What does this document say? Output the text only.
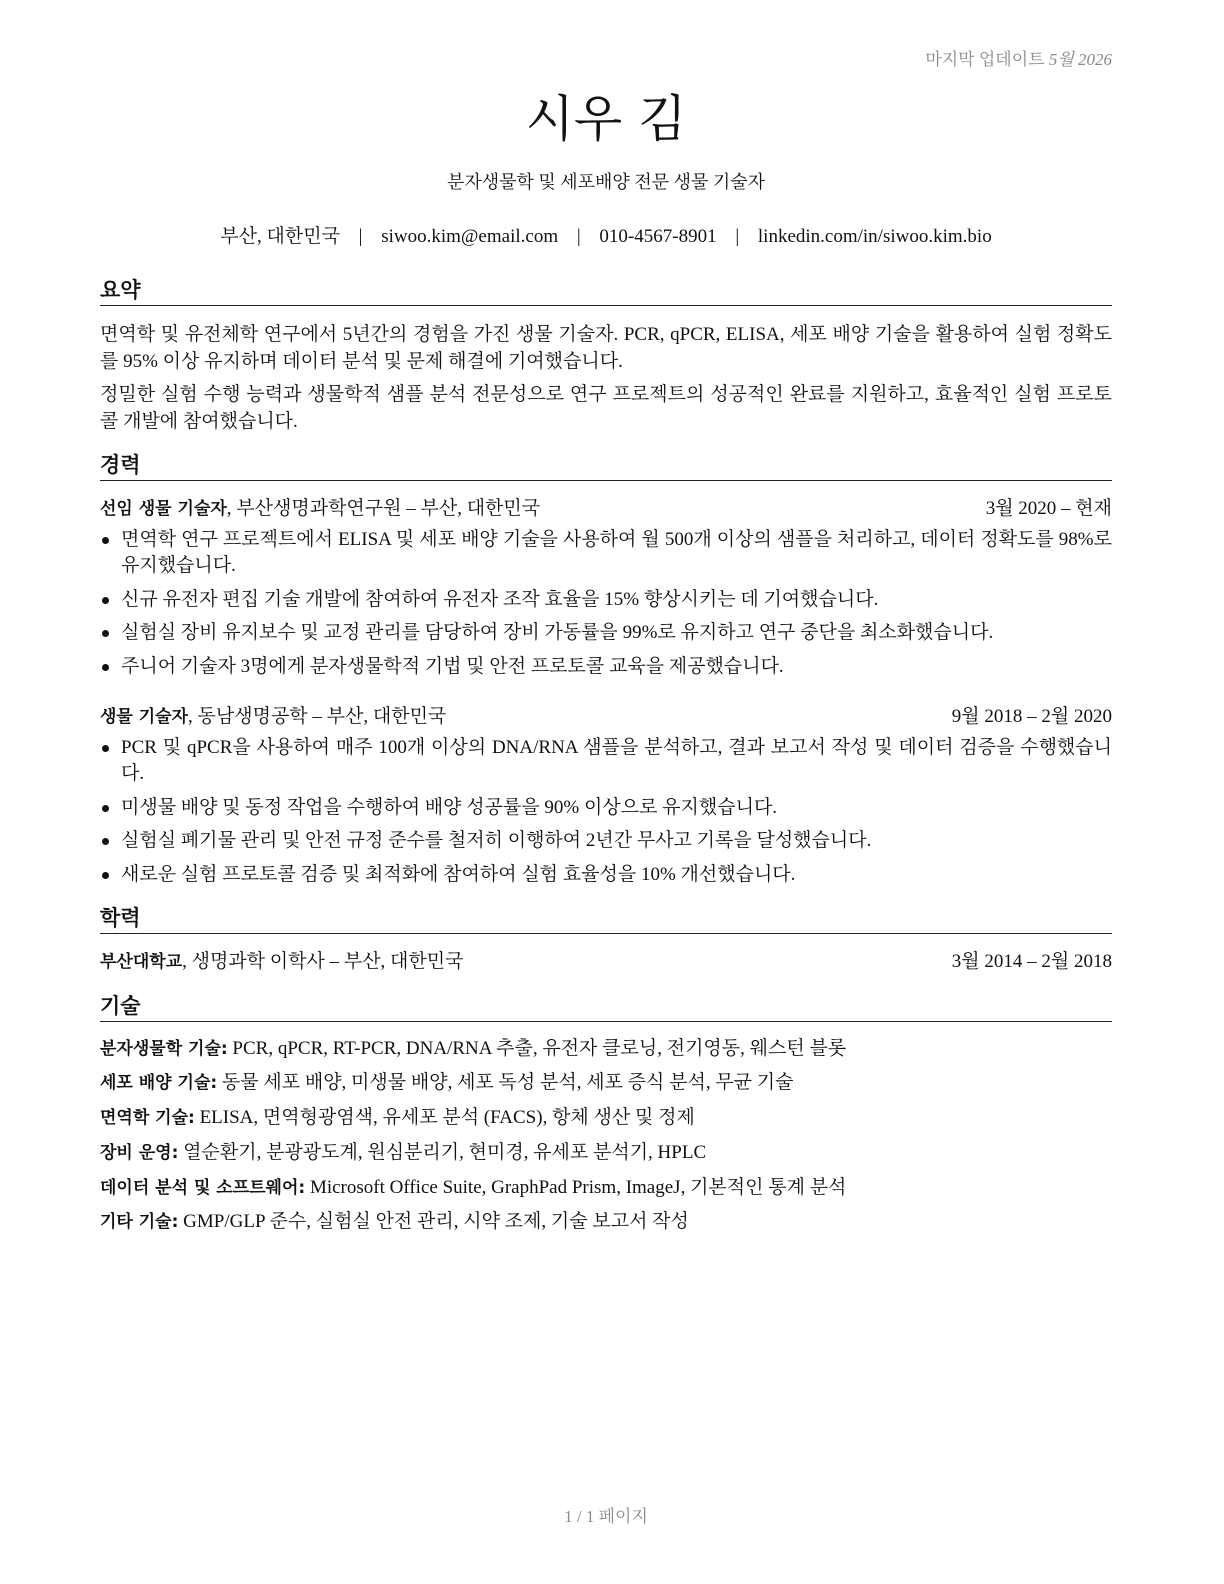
마지막 업데이트 5월 2026
시우 김
분자생물학 및 세포배양 전문 생물 기술자
부산, 대한민국 | siwoo.kim@email.com | 010-4567-8901 | linkedin.com/in/siwoo.kim.bio
요약

면역학 및 유전체학 연구에서 5년간의 경험을 가진 생물 기술자. PCR, qPCR, ELISA, 세포 배양 기술을 활용하여 실험 정확도를 95% 이상 유지하며 데이터 분석 및 문제 해결에 기여했습니다.

정밀한 실험 수행 능력과 생물학적 샘플 분석 전문성으로 연구 프로젝트의 성공적인 완료를 지원하고, 효율적인 실험 프로토콜 개발에 참여했습니다.

경력
선임 생물 기술자, 부산생명과학연구원 – 부산, 대한민국	3월 2020 – 현재
면역학 연구 프로젝트에서 ELISA 및 세포 배양 기술을 사용하여 월 500개 이상의 샘플을 처리하고, 데이터 정확도를 98%로 유지했습니다.
신규 유전자 편집 기술 개발에 참여하여 유전자 조작 효율을 15% 향상시키는 데 기여했습니다.
실험실 장비 유지보수 및 교정 관리를 담당하여 장비 가동률을 99%로 유지하고 연구 중단을 최소화했습니다.
주니어 기술자 3명에게 분자생물학적 기법 및 안전 프로토콜 교육을 제공했습니다.
생물 기술자, 동남생명공학 – 부산, 대한민국	9월 2018 – 2월 2020
PCR 및 qPCR을 사용하여 매주 100개 이상의 DNA/RNA 샘플을 분석하고, 결과 보고서 작성 및 데이터 검증을 수행했습니다.
미생물 배양 및 동정 작업을 수행하여 배양 성공률을 90% 이상으로 유지했습니다.
실험실 폐기물 관리 및 안전 규정 준수를 철저히 이행하여 2년간 무사고 기록을 달성했습니다.
새로운 실험 프로토콜 검증 및 최적화에 참여하여 실험 효율성을 10% 개선했습니다.
학력
부산대학교, 생명과학 이학사 – 부산, 대한민국	3월 2014 – 2월 2018
기술
분자생물학 기술: PCR, qPCR, RT-PCR, DNA/RNA 추출, 유전자 클로닝, 전기영동, 웨스턴 블롯
세포 배양 기술: 동물 세포 배양, 미생물 배양, 세포 독성 분석, 세포 증식 분석, 무균 기술
면역학 기술: ELISA, 면역형광염색, 유세포 분석 (FACS), 항체 생산 및 정제
장비 운영: 열순환기, 분광광도계, 원심분리기, 현미경, 유세포 분석기, HPLC
데이터 분석 및 소프트웨어: Microsoft Office Suite, GraphPad Prism, ImageJ, 기본적인 통계 분석
기타 기술: GMP/GLP 준수, 실험실 안전 관리, 시약 조제, 기술 보고서 작성
1 / 1 페이지
